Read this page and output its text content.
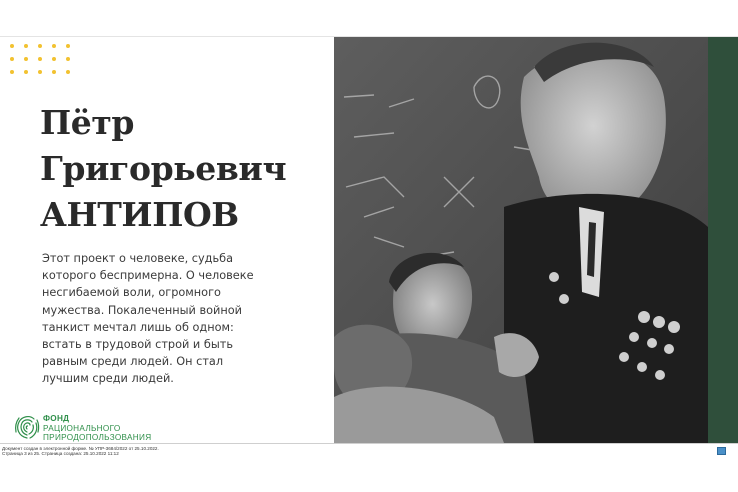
Пётр
Григорьевич
АНТИПОВ
Этот проект о человеке, судьба
которого беспримерна. О человеке
несгибаемой воли, огромного
мужества. Покалеченный войной
танкист мечтал лишь об одном:
встать в трудовой строй и быть
равным среди людей. Он стал
лучшим среди людей.
ФОНД
РАЦИОНАЛЬНОГО
ПРИРОДОПОЛЬЗОВАНИЯ
Документ создан в электронной форме. № УПР-3684/2022 от 25.10.2022.
Страница 3 из 25. Страница создана: 25.10.2022 11:12
